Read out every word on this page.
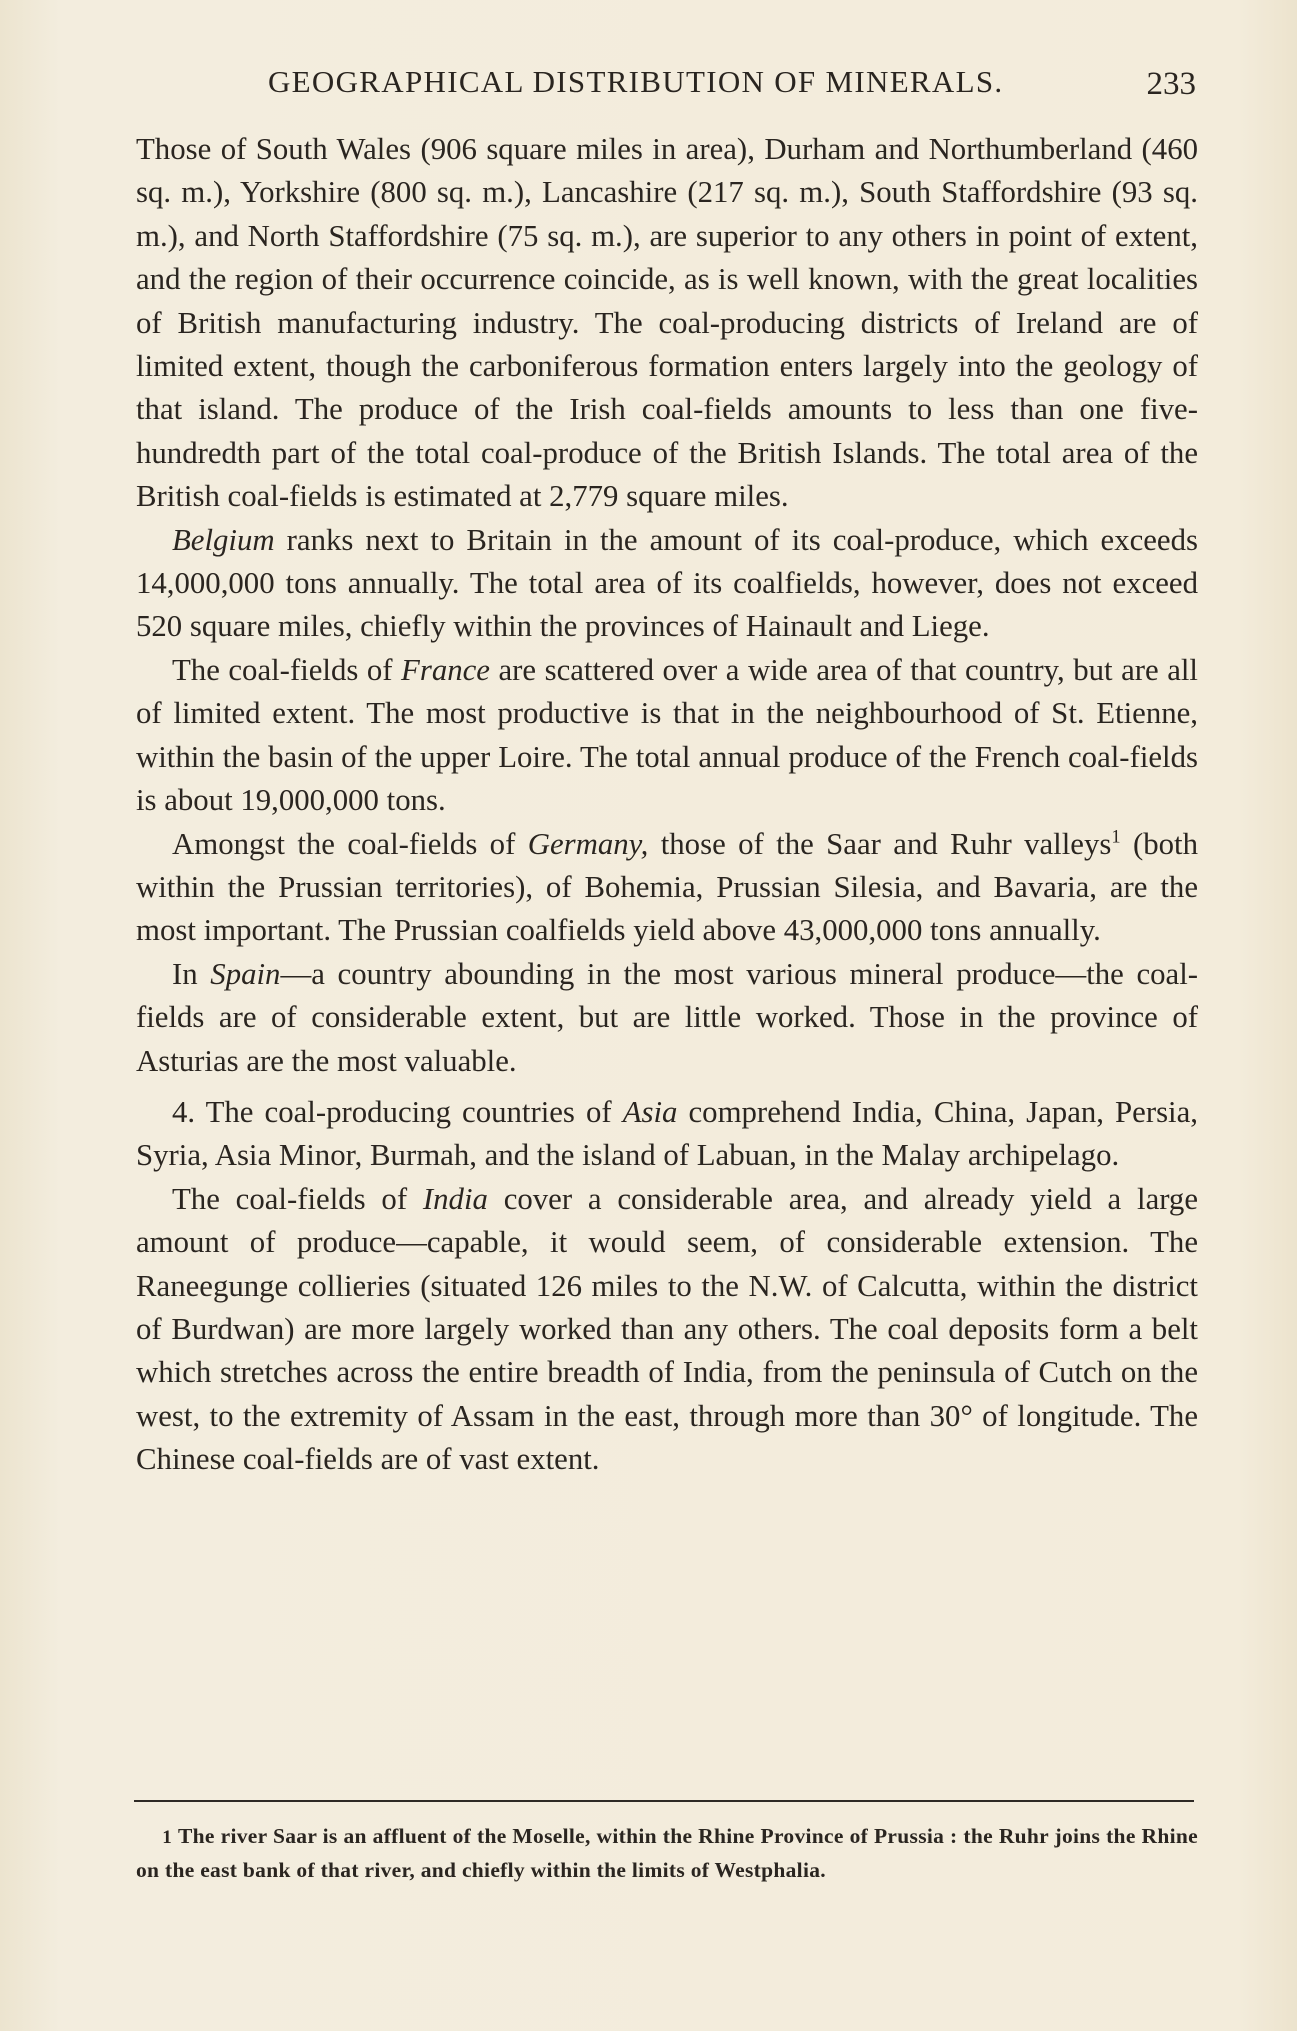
GEOGRAPHICAL DISTRIBUTION OF MINERALS.	233

Those of South Wales (906 square miles in area), Durham and Northumberland (460 sq. m.), Yorkshire (800 sq. m.), Lancashire (217 sq. m.), South Staffordshire (93 sq. m.), and North Staffordshire (75 sq. m.), are superior to any others in point of extent, and the region of their occurrence coincide, as is well known, with the great localities of British manufacturing industry. The coal-producing districts of Ireland are of limited extent, though the carboniferous formation enters largely into the geology of that island. The produce of the Irish coal-fields amounts to less than one five-hundredth part of the total coal-produce of the British Islands. The total area of the British coal-fields is estimated at 2,779 square miles.

Belgium ranks next to Britain in the amount of its coal-produce, which exceeds 14,000,000 tons annually. The total area of its coalfields, however, does not exceed 520 square miles, chiefly within the provinces of Hainault and Liege.

The coal-fields of France are scattered over a wide area of that country, but are all of limited extent. The most productive is that in the neighbourhood of St. Etienne, within the basin of the upper Loire. The total annual produce of the French coal-fields is about 19,000,000 tons.

Amongst the coal-fields of Germany, those of the Saar and Ruhr valleys$^1$ (both within the Prussian territories), of Bohemia, Prussian Silesia, and Bavaria, are the most important. The Prussian coalfields yield above 43,000,000 tons annually.

In Spain—a country abounding in the most various mineral produce—the coal-fields are of considerable extent, but are little worked. Those in the province of Asturias are the most valuable.

4. The coal-producing countries of Asia comprehend India, China, Japan, Persia, Syria, Asia Minor, Burmah, and the island of Labuan, in the Malay archipelago.

The coal-fields of India cover a considerable area, and already yield a large amount of produce—capable, it would seem, of considerable extension. The Raneegunge collieries (situated 126 miles to the N.W. of Calcutta, within the district of Burdwan) are more largely worked than any others. The coal deposits form a belt which stretches across the entire breadth of India, from the peninsula of Cutch on the west, to the extremity of Assam in the east, through more than 30° of longitude. The Chinese coal-fields are of vast extent.

1 The river Saar is an affluent of the Moselle, within the Rhine Province of Prussia : the Ruhr joins the Rhine on the east bank of that river, and chiefly within the limits of Westphalia.
